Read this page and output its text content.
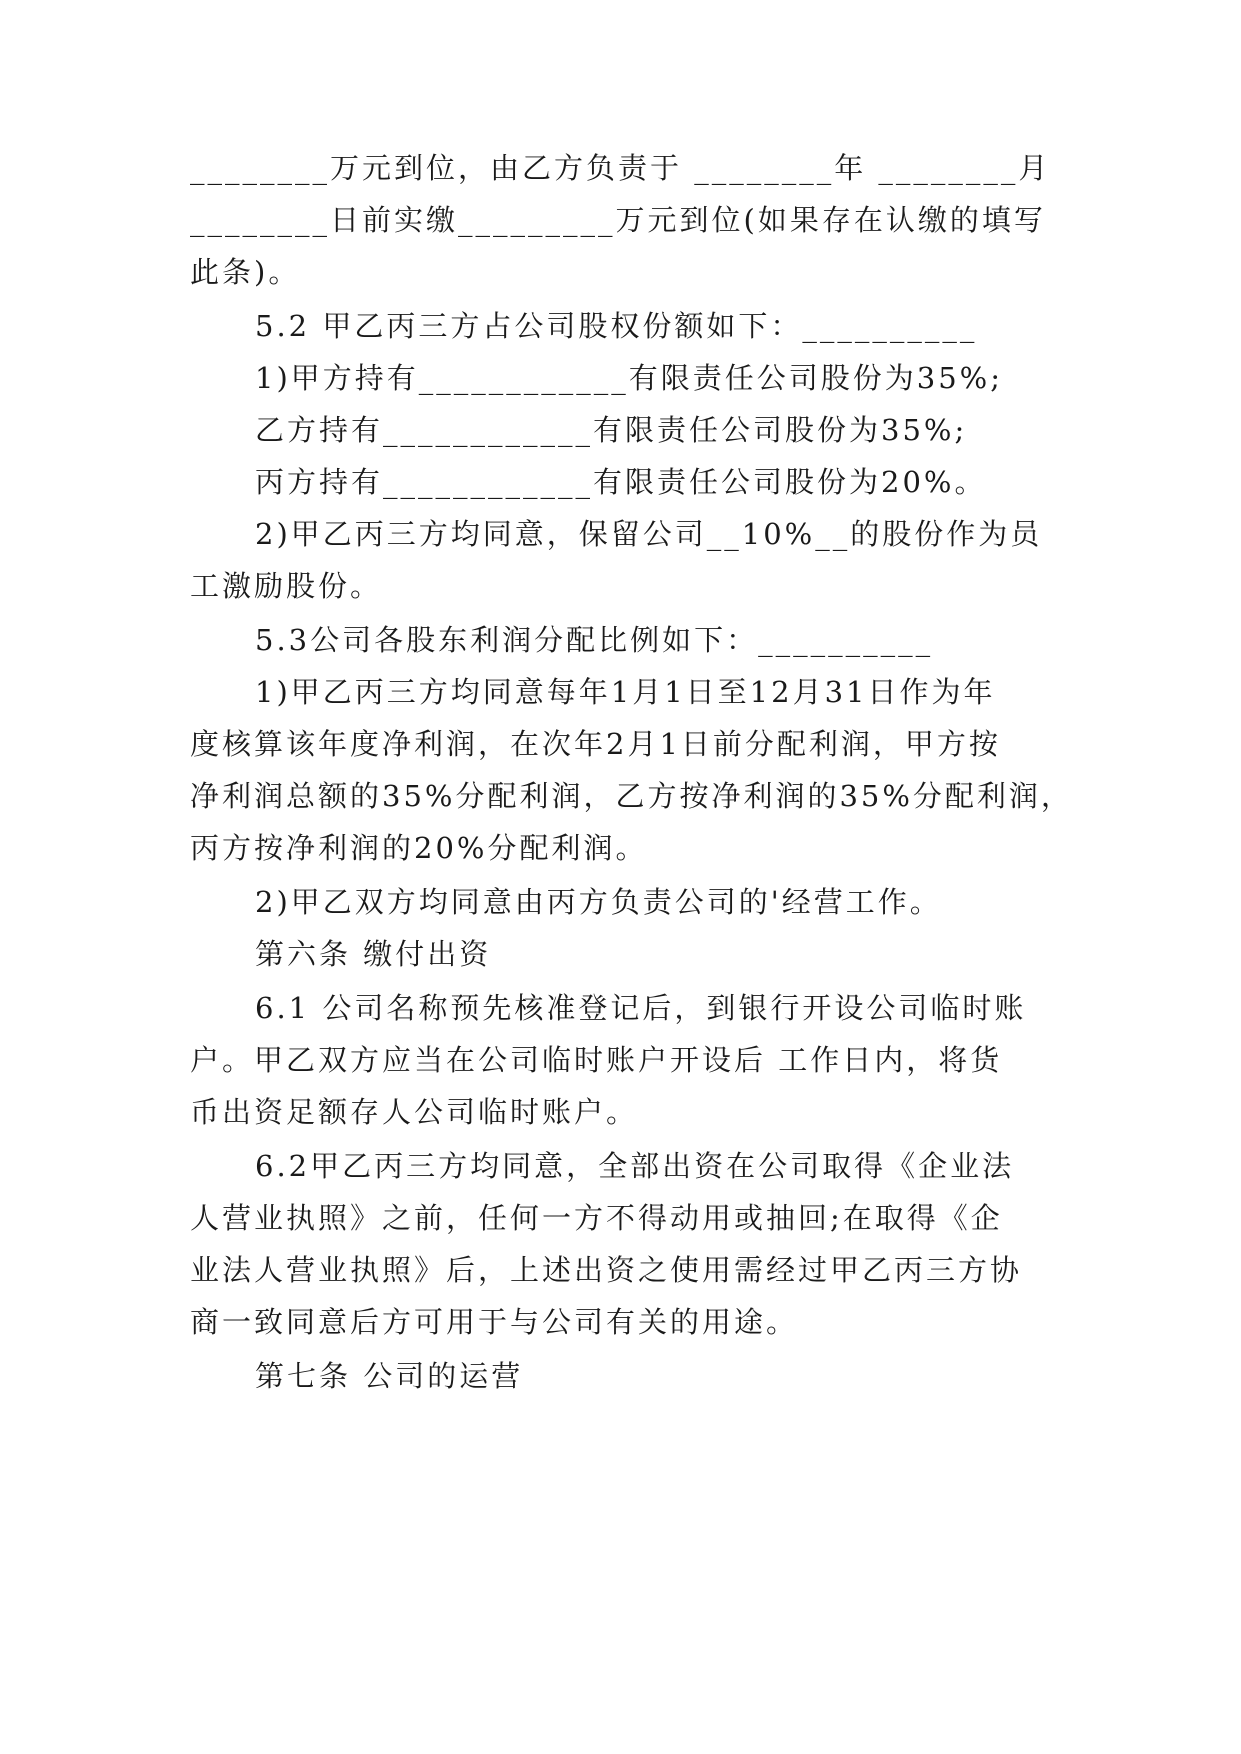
________万元到位，由乙方负责于 ________年 ________月
________日前实缴_________万元到位(如果存在认缴的填写
此条)。
5.2 甲乙丙三方占公司股权份额如下：__________
1)甲方持有____________有限责任公司股份为35%;
乙方持有____________有限责任公司股份为35%;
丙方持有____________有限责任公司股份为20%。
2)甲乙丙三方均同意，保留公司__10%__的股份作为员
工激励股份。
5.3公司各股东利润分配比例如下：__________
1)甲乙丙三方均同意每年1月1日至12月31日作为年
度核算该年度净利润，在次年2月1日前分配利润，甲方按
净利润总额的35%分配利润，乙方按净利润的35%分配利润，
丙方按净利润的20%分配利润。
2)甲乙双方均同意由丙方负责公司的'经营工作。
第六条 缴付出资
6.1 公司名称预先核准登记后，到银行开设公司临时账
户。甲乙双方应当在公司临时账户开设后 工作日内，将货
币出资足额存人公司临时账户。
6.2甲乙丙三方均同意，全部出资在公司取得《企业法
人营业执照》之前，任何一方不得动用或抽回;在取得《企
业法人营业执照》后，上述出资之使用需经过甲乙丙三方协
商一致同意后方可用于与公司有关的用途。
第七条 公司的运营
